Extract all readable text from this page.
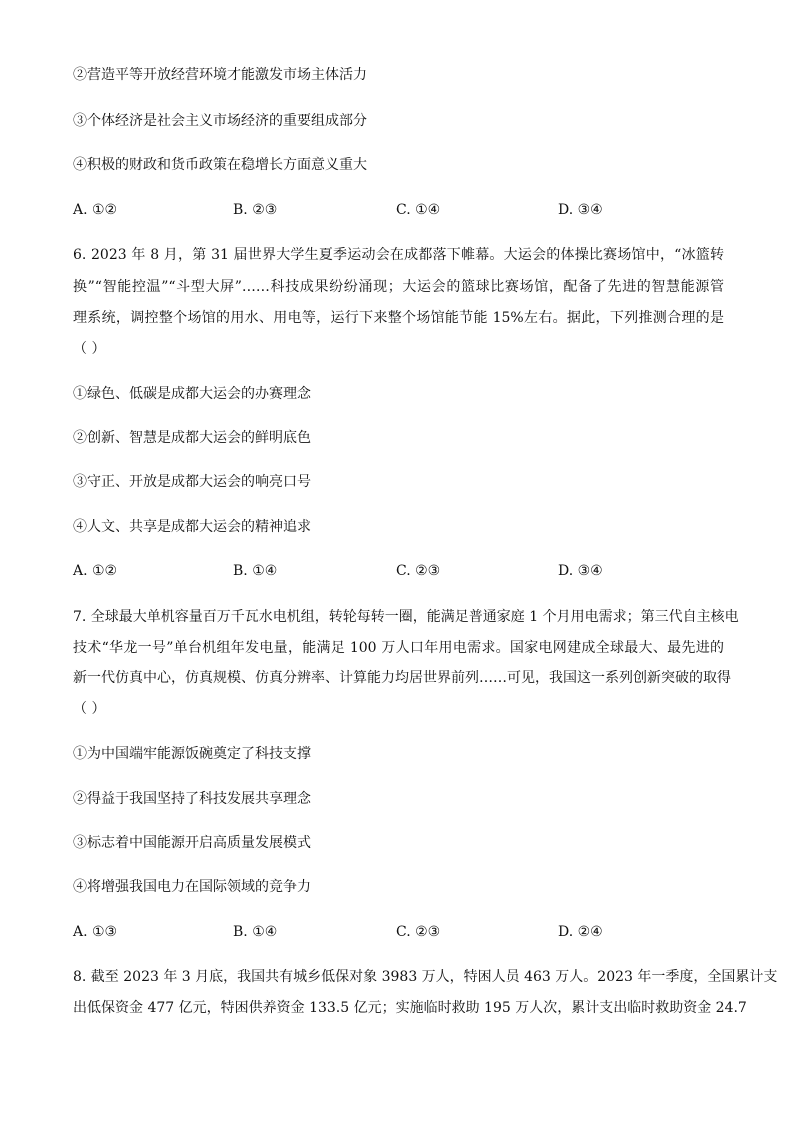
②营造平等开放经营环境才能激发市场主体活力
③个体经济是社会主义市场经济的重要组成部分
④积极的财政和货币政策在稳增长方面意义重大
A. ①②	B. ②③	C. ①④	D. ③④
6. 2023 年 8 月，第 31 届世界大学生夏季运动会在成都落下帷幕。大运会的体操比赛场馆中，“冰篮转
换”“智能控温”“斗型大屏”……科技成果纷纷涌现；大运会的篮球比赛场馆，配备了先进的智慧能源管
理系统，调控整个场馆的用水、用电等，运行下来整个场馆能节能 15%左右。据此，下列推测合理的是
（ ）
①绿色、低碳是成都大运会的办赛理念
②创新、智慧是成都大运会的鲜明底色
③守正、开放是成都大运会的响亮口号
④人文、共享是成都大运会的精神追求
A. ①②	B. ①④	C. ②③	D. ③④
7. 全球最大单机容量百万千瓦水电机组，转轮每转一圈，能满足普通家庭 1 个月用电需求；第三代自主核电
技术“华龙一号”单台机组年发电量，能满足 100 万人口年用电需求。国家电网建成全球最大、最先进的
新一代仿真中心，仿真规模、仿真分辨率、计算能力均居世界前列……可见，我国这一系列创新突破的取得
（ ）
①为中国端牢能源饭碗奠定了科技支撑
②得益于我国坚持了科技发展共享理念
③标志着中国能源开启高质量发展模式
④将增强我国电力在国际领域的竞争力
A. ①③	B. ①④	C. ②③	D. ②④
8. 截至 2023 年 3 月底，我国共有城乡低保对象 3983 万人，特困人员 463 万人。2023 年一季度，全国累计支
出低保资金 477 亿元，特困供养资金 133.5 亿元；实施临时救助 195 万人次，累计支出临时救助资金 24.7
